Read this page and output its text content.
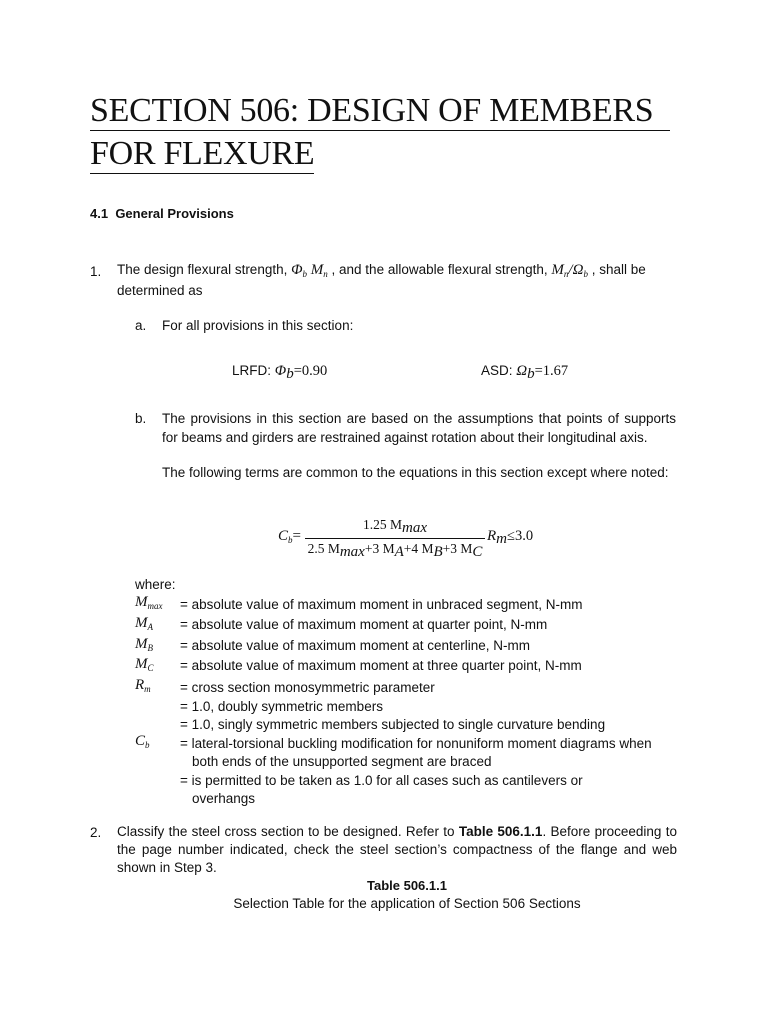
SECTION 506: DESIGN OF MEMBERS
FOR FLEXURE
4.1 General Provisions
1. The design flexural strength, $\Phi_b$ $M_n$ , and the allowable flexural strength, $M_n/\Omega_b$ , shall be
determined as
a. For all provisions in this section:
LRFD: $\Phi_b=0.90$	ASD: $\Omega_b=1.67$
b. The provisions in this section are based on the assumptions that points of supports for beams and girders are restrained against rotation about their longitudinal axis.
The following terms are common to the equations in this section except where noted:
$C_b=$
1.25 $M_{max}$
2.5 $M_{max}+3$ $M_A+4$ $M_B+3$ $M_C$
$R_m\le 3.0$
where:
$M_{max}$ = absolute value of maximum moment in unbraced segment, N-mm
$M_A$ = absolute value of maximum moment at quarter point, N-mm
$M_B$ = absolute value of maximum moment at centerline, N-mm
$M_C$ = absolute value of maximum moment at three quarter point, N-mm
$R_m$ = cross section monosymmetric parameter
= 1.0, doubly symmetric members
= 1.0, singly symmetric members subjected to single curvature bending
$C_b$ = lateral-torsional buckling modification for nonuniform moment diagrams when
both ends of the unsupported segment are braced
= is permitted to be taken as 1.0 for all cases such as cantilevers or
overhangs
2. Classify the steel cross section to be designed. Refer to Table 506.1.1. Before proceeding to the page number indicated, check the steel section’s compactness of the flange and web shown in Step 3.
Table 506.1.1
Selection Table for the application of Section 506 Sections
